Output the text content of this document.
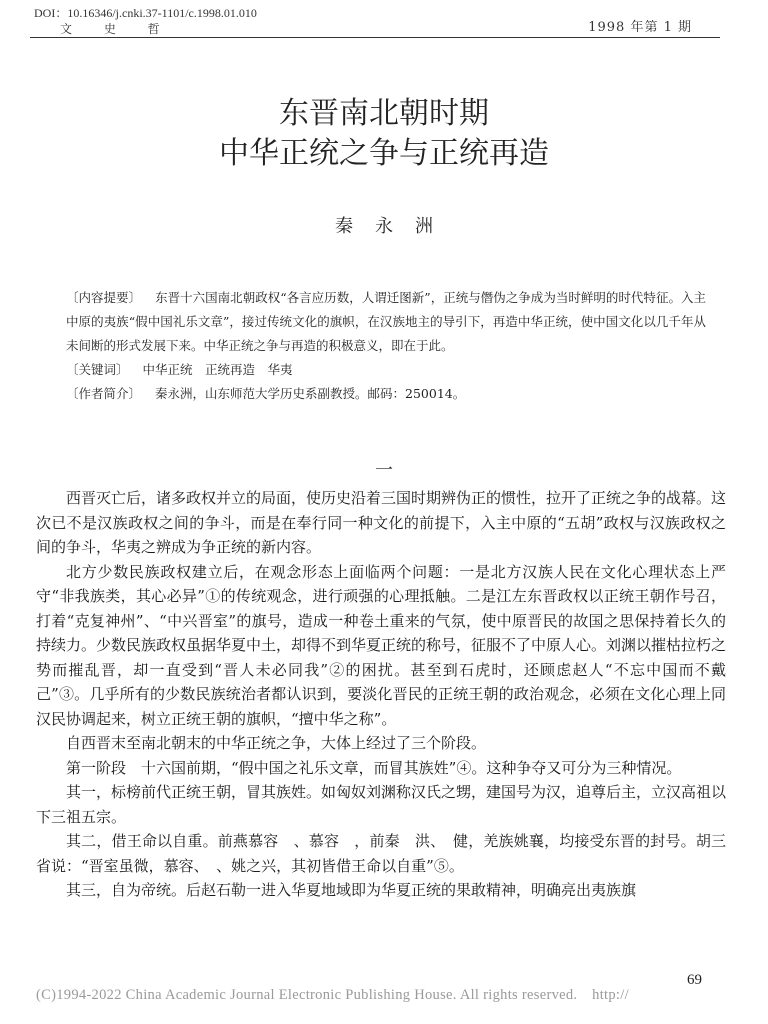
DOI：10.16346/j.cnki.37-1101/c.1998.01.010
文 史 哲	1998 年第 1 期
东晋南北朝时期
中华正统之争与正统再造
秦永洲

〔内容提要〕 东晋十六国南北朝政权“各言应历数，人谓迁图新”，正统与僭伪之争成为当时鲜明的时代特征。入主中原的夷族“假中国礼乐文章”，接过传统文化的旗帜，在汉族地主的导引下，再造中华正统，使中国文化以几千年从未间断的形式发展下来。中华正统之争与再造的积极意义，即在于此。

〔关键词〕 中华正统　正统再造　华夷

〔作者简介〕 秦永洲，山东师范大学历史系副教授。邮码：250014。

一

西晋灭亡后，诸多政权并立的局面，使历史沿着三国时期辨伪正的惯性，拉开了正统之争的战幕。这次已不是汉族政权之间的争斗，而是在奉行同一种文化的前提下，入主中原的“五胡”政权与汉族政权之间的争斗，华夷之辨成为争正统的新内容。

北方少数民族政权建立后，在观念形态上面临两个问题：一是北方汉族人民在文化心理状态上严守“非我族类，其心必异”①的传统观念，进行顽强的心理抵触。二是江左东晋政权以正统王朝作号召，打着“克复神州”、“中兴晋室”的旗号，造成一种卷土重来的气氛，使中原晋民的故国之思保持着长久的持续力。少数民族政权虽据华夏中土，却得不到华夏正统的称号，征服不了中原人心。刘渊以摧枯拉朽之势而摧乱晋，却一直受到“晋人未必同我”②的困扰。甚至到石虎时，还顾虑赵人“不忘中国而不戴己”③。几乎所有的少数民族统治者都认识到，要淡化晋民的正统王朝的政治观念，必须在文化心理上同汉民协调起来，树立正统王朝的旗帜，“擅中华之称”。

自西晋末至南北朝末的中华正统之争，大体上经过了三个阶段。

第一阶段　十六国前期，“假中国之礼乐文章，而冒其族姓”④。这种争夺又可分为三种情况。

其一，标榜前代正统王朝，冒其族姓。如匈奴刘渊称汉氏之甥，建国号为汉，追尊后主，立汉高祖以下三祖五宗。

其二，借王命以自重。前燕慕容　、慕容　，前秦　洪、　健，羌族姚襄，均接受东晋的封号。胡三省说：“晋室虽微，慕容、　、姚之兴，其初皆借王命以自重”⑤。

其三，自为帝统。后赵石勒一进入华夏地域即为华夏正统的果敢精神，明确亮出夷族旗

69
(C)1994-2022 China Academic Journal Electronic Publishing House. All rights reserved.　http://
